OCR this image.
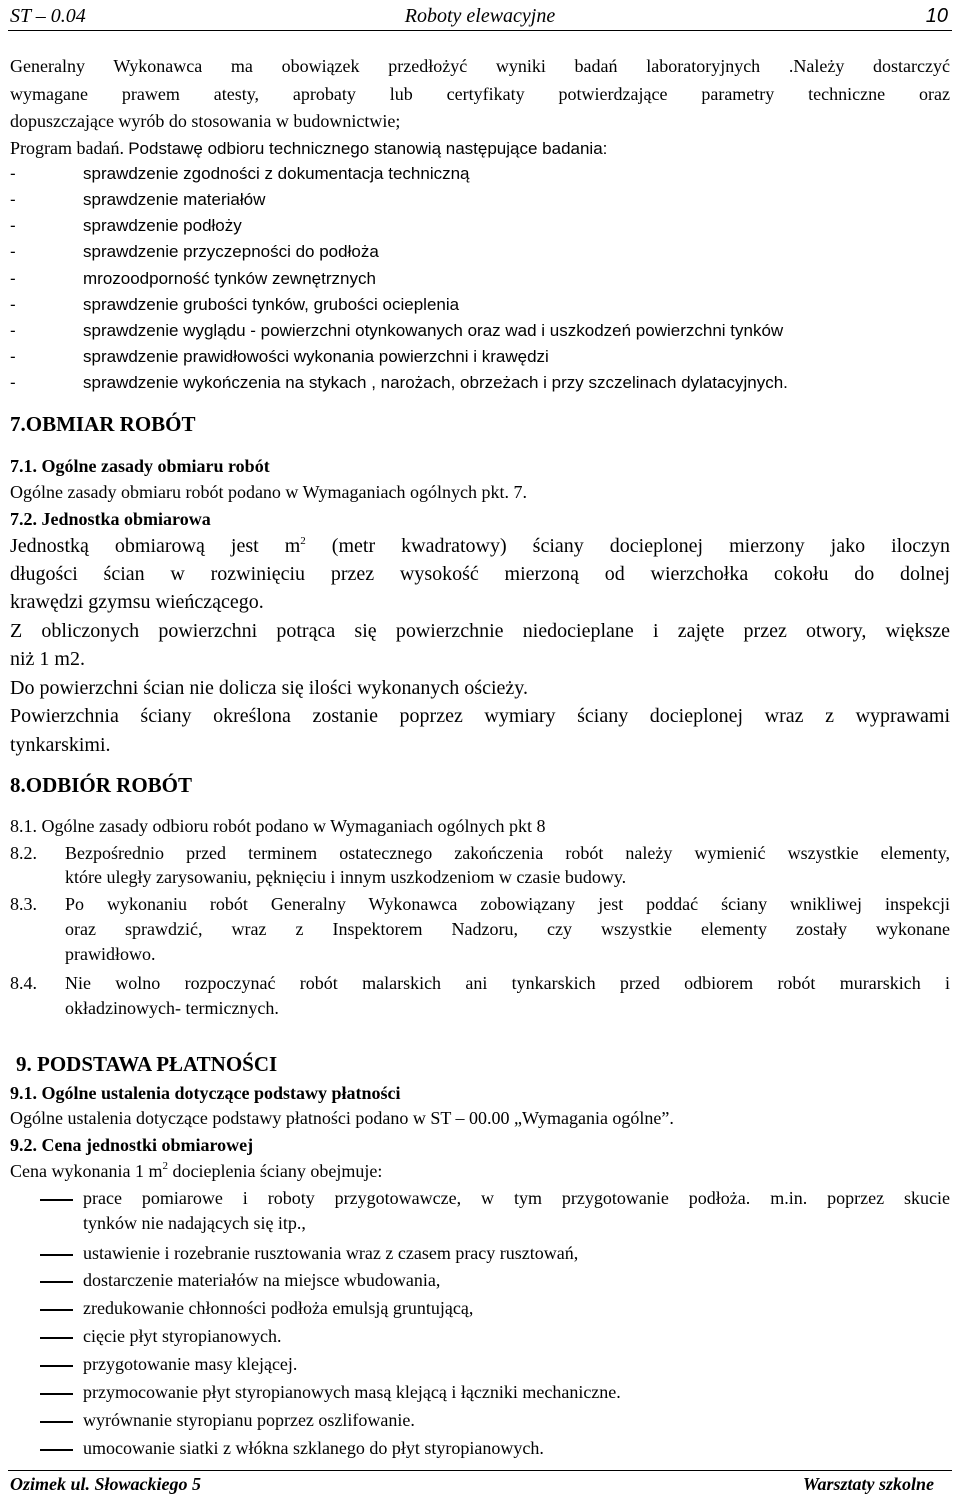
ST – 0.04	Roboty elewacyjne	10
Generalny Wykonawca ma obowiązek przedłożyć wyniki badań laboratoryjnych .Należy dostarczyć
wymagane prawem atesty, aprobaty lub certyfikaty potwierdzające parametry techniczne oraz
dopuszczające wyrób do stosowania w budownictwie;
Program badań. Podstawę odbioru technicznego stanowią następujące badania:
-	sprawdzenie zgodności z dokumentacja techniczną
-	sprawdzenie materiałów
-	sprawdzenie podłoży
-	sprawdzenie przyczepności do podłoża
-	mrozoodporność tynków zewnętrznych
-	sprawdzenie grubości tynków, grubości ocieplenia
-	sprawdzenie wyglądu - powierzchni otynkowanych oraz wad i uszkodzeń powierzchni tynków
-	sprawdzenie prawidłowości wykonania powierzchni i krawędzi
-	sprawdzenie wykończenia na stykach , narożach, obrzeżach i przy szczelinach dylatacyjnych.
7.OBMIAR ROBÓT
7.1. Ogólne zasady obmiaru robót
Ogólne zasady obmiaru robót podano w Wymaganiach ogólnych pkt. 7.
7.2. Jednostka obmiarowa
Jednostką obmiarową jest $m^2$ (metr kwadratowy) ściany docieplonej mierzony jako iloczyn
długości ścian w rozwinięciu przez wysokość mierzoną od wierzchołka cokołu do dolnej
krawędzi gzymsu wieńczącego.
Z obliczonych powierzchni potrąca się powierzchnie niedocieplane i zajęte przez otwory, większe
niż 1 m2.
Do powierzchni ścian nie dolicza się ilości wykonanych ościeży.
Powierzchnia ściany określona zostanie poprzez wymiary ściany docieplonej wraz z wyprawami
tynkarskimi.
8.ODBIÓR ROBÓT
8.1. Ogólne zasady odbioru robót podano w Wymaganiach ogólnych pkt 8
8.2. Bezpośrednio przed terminem ostatecznego zakończenia robót należy wymienić wszystkie elementy,
które uległy zarysowaniu, pęknięciu i innym uszkodzeniom w czasie budowy.
8.3. Po wykonaniu robót Generalny Wykonawca zobowiązany jest poddać ściany wnikliwej inspekcji
oraz sprawdzić, wraz z Inspektorem Nadzoru, czy wszystkie elementy zostały wykonane
prawidłowo.
8.4. Nie wolno rozpoczynać robót malarskich ani tynkarskich przed odbiorem robót murarskich i
okładzinowych- termicznych.
9. PODSTAWA PŁATNOŚCI
9.1. Ogólne ustalenia dotyczące podstawy płatności
Ogólne ustalenia dotyczące podstawy płatności podano w ST – 00.00 „Wymagania ogólne”.
9.2. Cena jednostki obmiarowej
Cena wykonania 1 $m^2$ docieplenia ściany obejmuje:
prace pomiarowe i roboty przygotowawcze, w tym przygotowanie podłoża. m.in. poprzez skucie
tynków nie nadających się itp.,
ustawienie i rozebranie rusztowania wraz z czasem pracy rusztowań,
dostarczenie materiałów na miejsce wbudowania,
zredukowanie chłonności podłoża emulsją gruntującą,
cięcie płyt styropianowych.
przygotowanie masy klejącej.
przymocowanie płyt styropianowych masą klejącą i łączniki mechaniczne.
wyrównanie styropianu poprzez oszlifowanie.
umocowanie siatki z włókna szklanego do płyt styropianowych.
Ozimek ul. Słowackiego 5	Warsztaty szkolne
